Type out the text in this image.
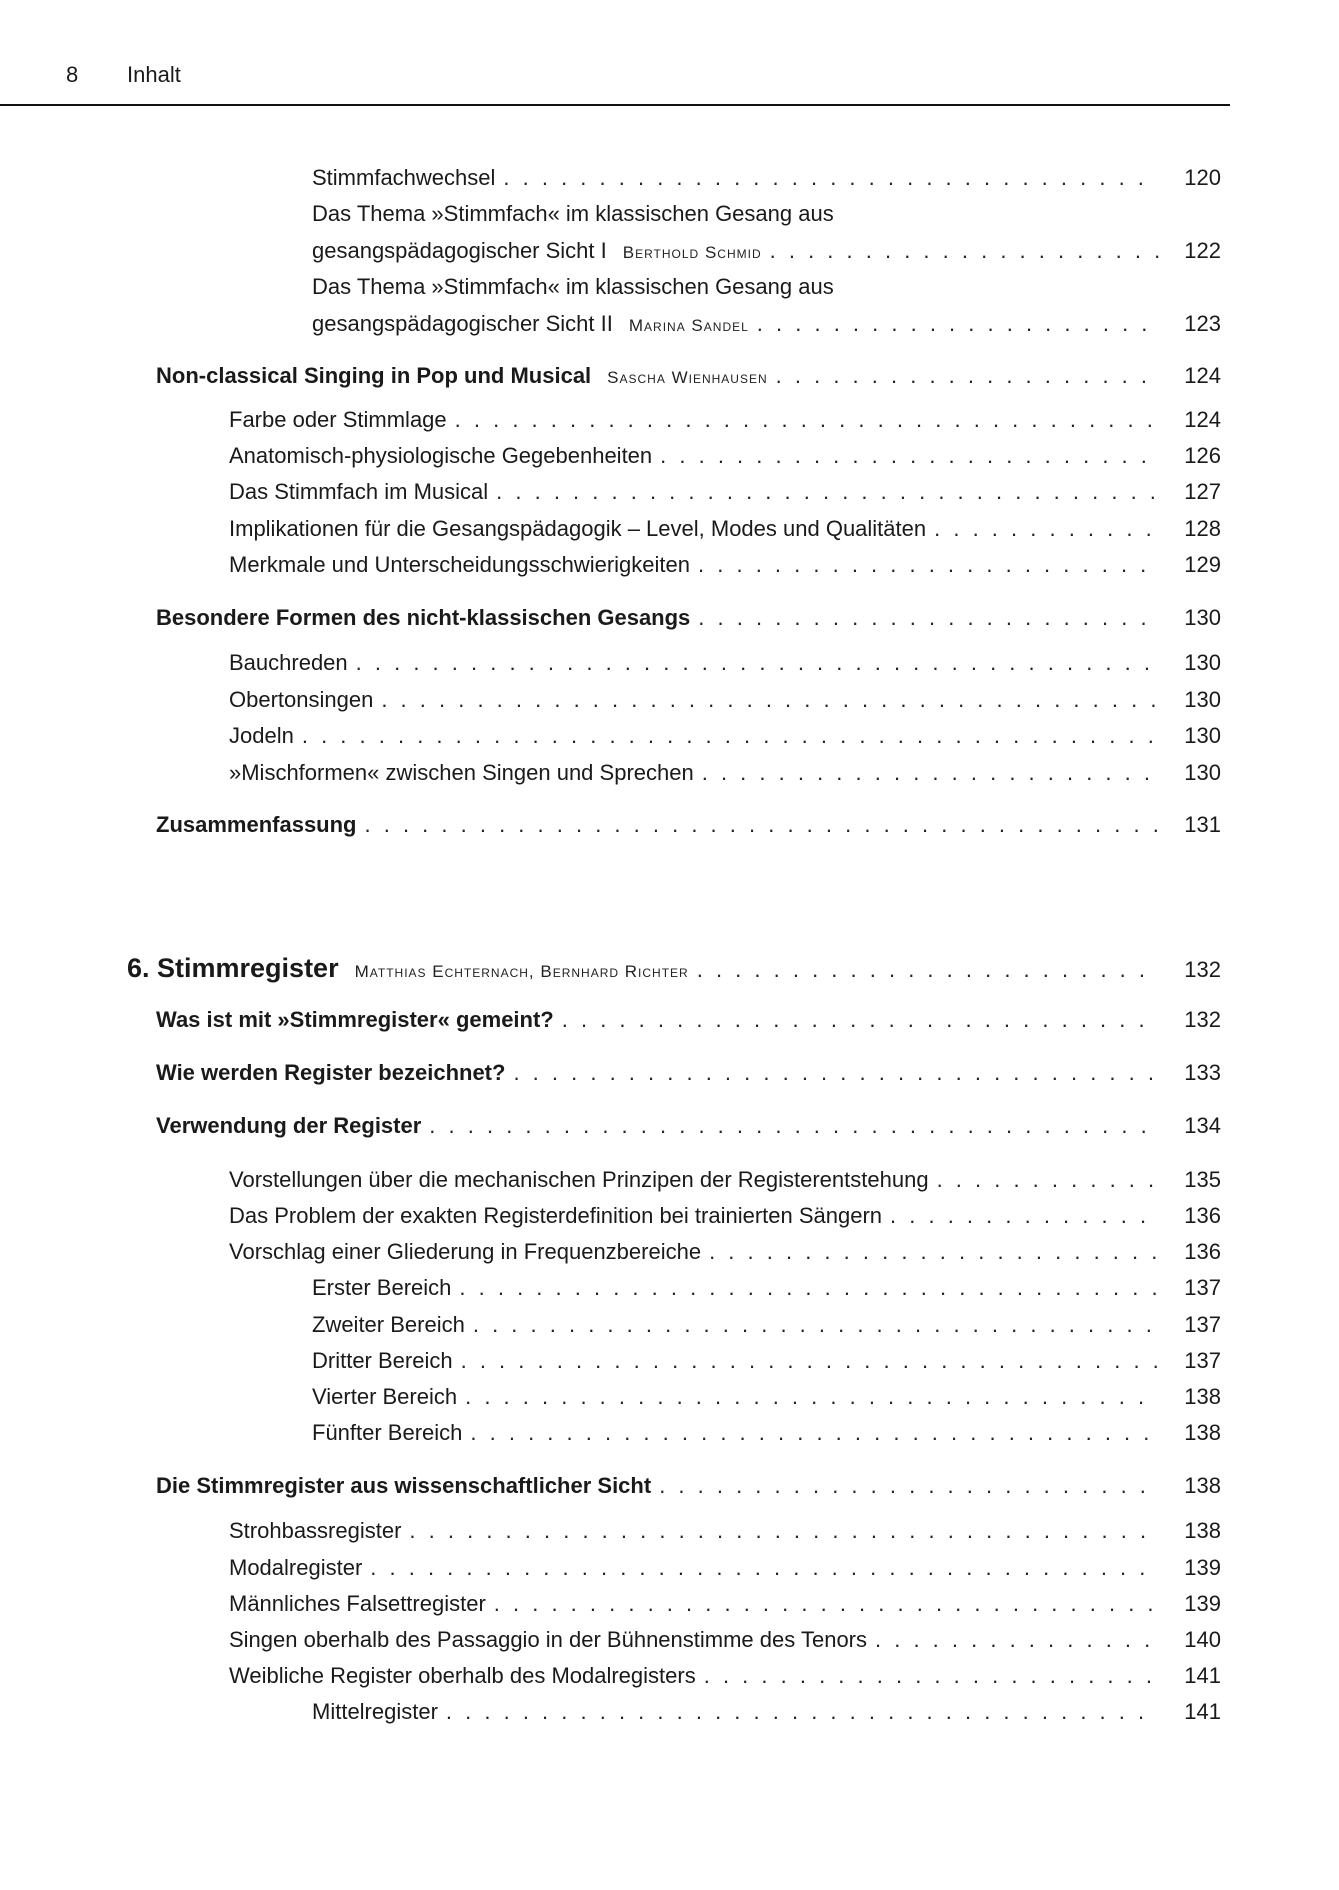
8 Inhalt
Stimmfachwechsel . . .	120
Das Thema »Stimmfach« im klassischen Gesang aus
gesangspädagogischer Sicht I Berthold Schmid . . .	122
Das Thema »Stimmfach« im klassischen Gesang aus
gesangspädagogischer Sicht II Marina Sandel . . .	123
Non-classical Singing in Pop und Musical Sascha Wienhausen . . .	124
Farbe oder Stimmlage . . .	124
Anatomisch-physiologische Gegebenheiten . . .	126
Das Stimmfach im Musical . . .	127
Implikationen für die Gesangspädagogik – Level, Modes und Qualitäten . . .	128
Merkmale und Unterscheidungsschwierigkeiten . . .	129
Besondere Formen des nicht-klassischen Gesangs . . .	130
Bauchreden . . .	130
Obertonsingen . . .	130
Jodeln . . .	130
»Mischformen« zwischen Singen und Sprechen . . .	130
Zusammenfassung . . .	131
6. Stimmregister Matthias Echternach, Bernhard Richter . . .	132
Was ist mit »Stimmregister« gemeint? . . .	132
Wie werden Register bezeichnet? . . .	133
Verwendung der Register . . .	134
Vorstellungen über die mechanischen Prinzipen der Registerentstehung . . .	135
Das Problem der exakten Registerdefinition bei trainierten Sängern . . .	136
Vorschlag einer Gliederung in Frequenzbereiche . . .	136
Erster Bereich . . .	137
Zweiter Bereich . . .	137
Dritter Bereich . . .	137
Vierter Bereich . . .	138
Fünfter Bereich . . .	138
Die Stimmregister aus wissenschaftlicher Sicht . . .	138
Strohbassregister . . .	138
Modalregister . . .	139
Männliches Falsettregister . . .	139
Singen oberhalb des Passaggio in der Bühnenstimme des Tenors . . .	140
Weibliche Register oberhalb des Modalregisters . . .	141
Mittelregister . . .	141
